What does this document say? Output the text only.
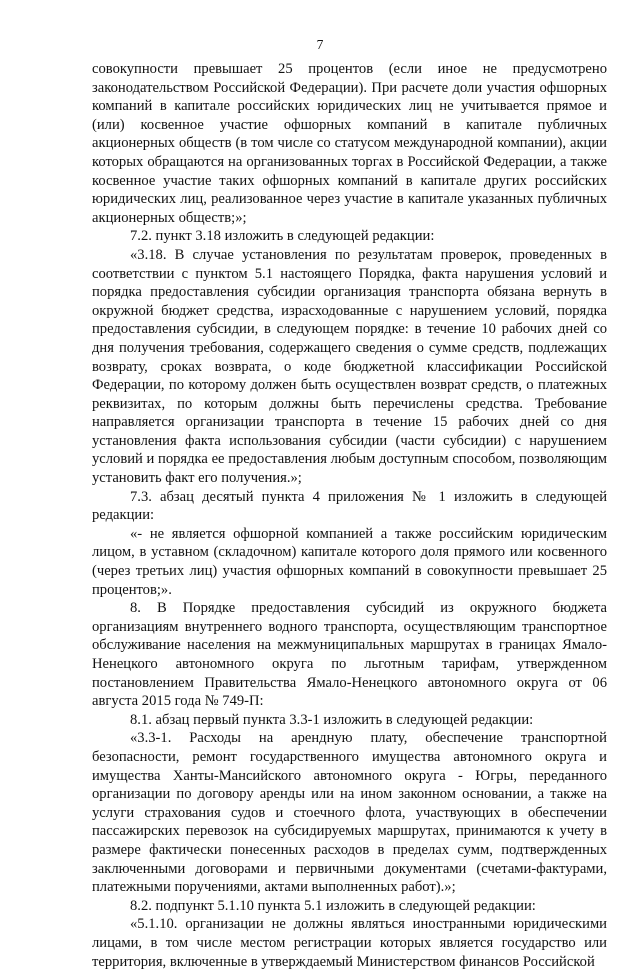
7

совокупности превышает 25 процентов (если иное не предусмотрено законодательством Российской Федерации). При расчете доли участия офшорных компаний в капитале российских юридических лиц не учитывается прямое и (или) косвенное участие офшорных компаний в капитале публичных акционерных обществ (в том числе со статусом международной компании), акции которых обращаются на организованных торгах в Российской Федерации, а также косвенное участие таких офшорных компаний в капитале других российских юридических лиц, реализованное через участие в капитале указанных публичных акционерных обществ;»;

7.2. пункт 3.18 изложить в следующей редакции:

«3.18. В случае установления по результатам проверок, проведенных в соответствии с пунктом 5.1 настоящего Порядка, факта нарушения условий и порядка предоставления субсидии организация транспорта обязана вернуть в окружной бюджет средства, израсходованные с нарушением условий, порядка предоставления субсидии, в следующем порядке: в течение 10 рабочих дней со дня получения требования, содержащего сведения о сумме средств, подлежащих возврату, сроках возврата, о коде бюджетной классификации Российской Федерации, по которому должен быть осуществлен возврат средств, о платежных реквизитах, по которым должны быть перечислены средства. Требование направляется организации транспорта в течение 15 рабочих дней со дня установления факта использования субсидии (части субсидии) с нарушением условий и порядка ее предоставления любым доступным способом, позволяющим установить факт его получения.»;

7.3. абзац десятый пункта 4 приложения № 1 изложить в следующей редакции:

«- не является офшорной компанией а также российским юридическим лицом, в уставном (складочном) капитале которого доля прямого или косвенного (через третьих лиц) участия офшорных компаний в совокупности превышает 25 процентов;».

8. В Порядке предоставления субсидий из окружного бюджета организациям внутреннего водного транспорта, осуществляющим транспортное обслуживание населения на межмуниципальных маршрутах в границах Ямало-Ненецкого автономного округа по льготным тарифам, утвержденном постановлением Правительства Ямало-Ненецкого автономного округа от 06 августа 2015 года № 749-П:

8.1. абзац первый пункта 3.3-1 изложить в следующей редакции:

«3.3-1. Расходы на арендную плату, обеспечение транспортной безопасности, ремонт государственного имущества автономного округа и имущества Ханты-Мансийского автономного округа - Югры, переданного организации по договору аренды или на ином законном основании, а также на услуги страхования судов и стоечного флота, участвующих в обеспечении пассажирских перевозок на субсидируемых маршрутах, принимаются к учету в размере фактически понесенных расходов в пределах сумм, подтвержденных заключенными договорами и первичными документами (счетами-фактурами, платежными поручениями, актами выполненных работ).»;

8.2. подпункт 5.1.10 пункта 5.1 изложить в следующей редакции:

«5.1.10. организации не должны являться иностранными юридическими лицами, в том числе местом регистрации которых является государство или территория, включенные в утверждаемый Министерством финансов Российской
